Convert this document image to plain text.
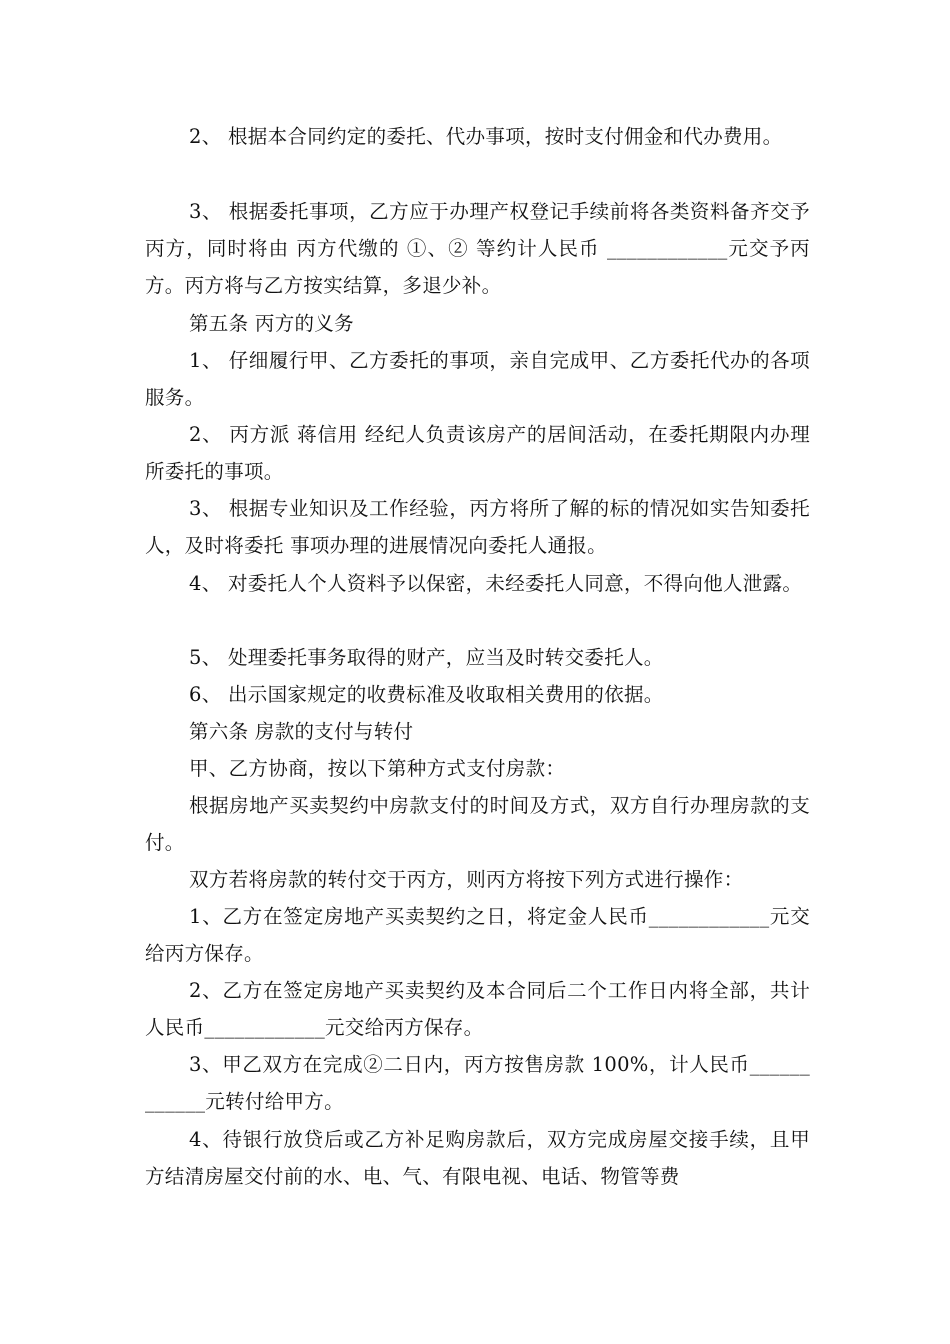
2、 根据本合同约定的委托、代办事项，按时支付佣金和代办费用。

3、 根据委托事项，乙方应于办理产权登记手续前将各类资料备齐交予丙方，同时将由 丙方代缴的 ①、② 等约计人民币 ____________元交予丙方。丙方将与乙方按实结算，多退少补。

第五条 丙方的义务

1、 仔细履行甲、乙方委托的事项，亲自完成甲、乙方委托代办的各项服务。

2、 丙方派 蒋信用 经纪人负责该房产的居间活动，在委托期限内办理所委托的事项。

3、 根据专业知识及工作经验，丙方将所了解的标的情况如实告知委托人，及时将委托 事项办理的进展情况向委托人通报。

4、 对委托人个人资料予以保密，未经委托人同意，不得向他人泄露。

5、 处理委托事务取得的财产，应当及时转交委托人。

6、 出示国家规定的收费标准及收取相关费用的依据。

第六条 房款的支付与转付

甲、乙方协商，按以下第种方式支付房款：

根据房地产买卖契约中房款支付的时间及方式，双方自行办理房款的支付。

双方若将房款的转付交于丙方，则丙方将按下列方式进行操作：

1、乙方在签定房地产买卖契约之日，将定金人民币____________元交给丙方保存。

2、乙方在签定房地产买卖契约及本合同后二个工作日内将全部，共计人民币____________元交给丙方保存。

3、甲乙双方在完成②二日内，丙方按售房款 100%，计人民币____________元转付给甲方。

4、待银行放贷后或乙方补足购房款后，双方完成房屋交接手续，且甲方结清房屋交付前的水、电、气、有限电视、电话、物管等费
